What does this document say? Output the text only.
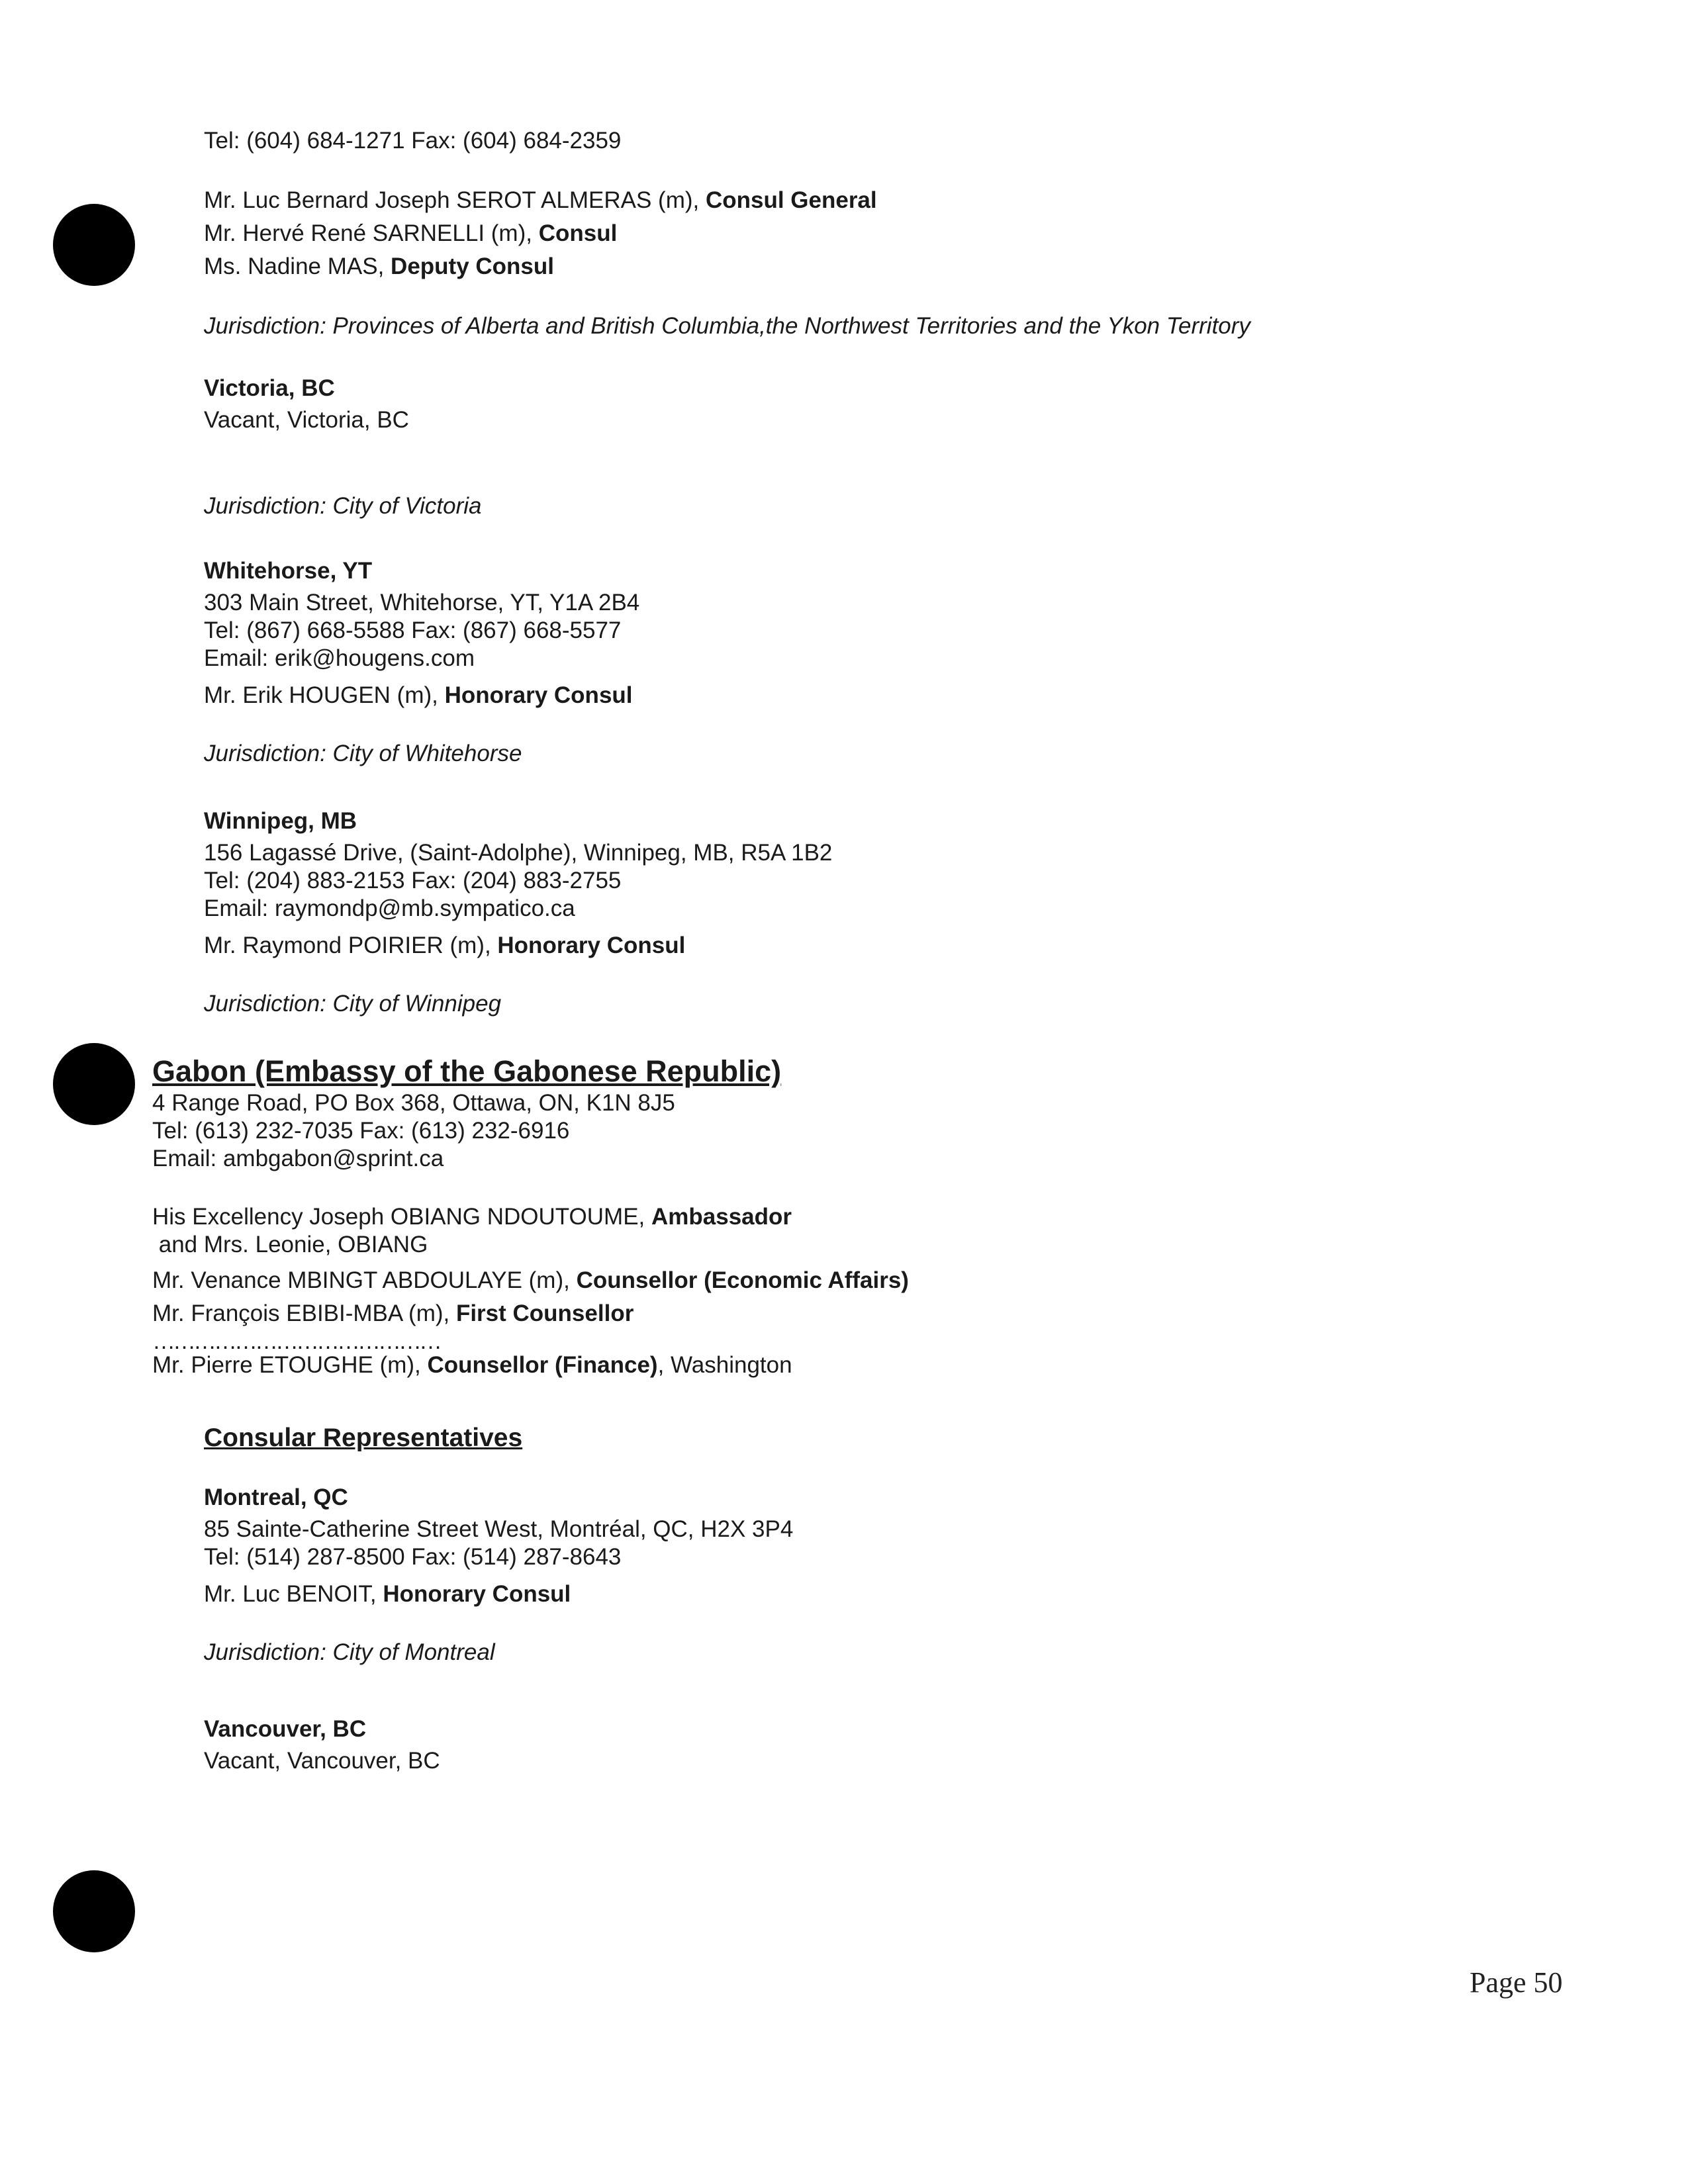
Tel: (604) 684-1271 Fax: (604) 684-2359
Mr. Luc Bernard Joseph SEROT ALMERAS (m), Consul General
Mr. Hervé René SARNELLI (m), Consul
Ms. Nadine MAS, Deputy Consul
Jurisdiction: Provinces of Alberta and British Columbia,the Northwest Territories and the Ykon Territory
Victoria, BC
Vacant, Victoria, BC
Jurisdiction: City of Victoria
Whitehorse, YT
303 Main Street, Whitehorse, YT, Y1A 2B4
Tel: (867) 668-5588 Fax: (867) 668-5577
Email: erik@hougens.com
Mr. Erik HOUGEN (m), Honorary Consul
Jurisdiction: City of Whitehorse
Winnipeg, MB
156 Lagassé Drive, (Saint-Adolphe), Winnipeg, MB, R5A 1B2
Tel: (204) 883-2153 Fax: (204) 883-2755
Email: raymondp@mb.sympatico.ca
Mr. Raymond POIRIER (m), Honorary Consul
Jurisdiction: City of Winnipeg
Gabon (Embassy of the Gabonese Republic)
4 Range Road, PO Box 368, Ottawa, ON, K1N 8J5
Tel: (613) 232-7035 Fax: (613) 232-6916
Email: ambgabon@sprint.ca
His Excellency Joseph OBIANG NDOUTOUME, Ambassador
and Mrs. Leonie, OBIANG
Mr. Venance MBINGT ABDOULAYE (m), Counsellor (Economic Affairs)
Mr. François EBIBI-MBA (m), First Counsellor
……………………………………
Mr. Pierre ETOUGHE (m), Counsellor (Finance), Washington
Consular Representatives
Montreal, QC
85 Sainte-Catherine Street West, Montréal, QC, H2X 3P4
Tel: (514) 287-8500 Fax: (514) 287-8643
Mr. Luc BENOIT, Honorary Consul
Jurisdiction: City of Montreal
Vancouver, BC
Vacant, Vancouver, BC
Page 50
